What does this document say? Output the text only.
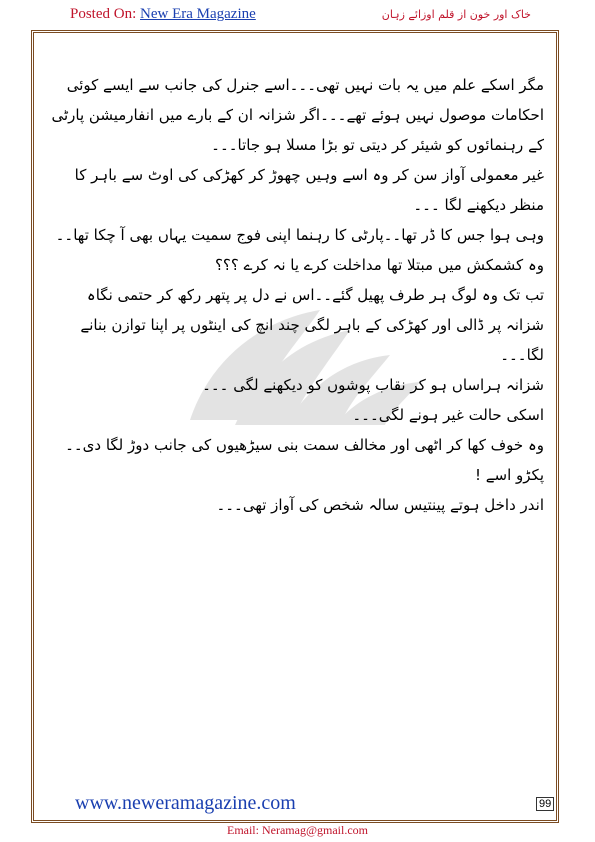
Posted On: New Era Magazine	خاک اور خون از قلم اوزائے زہان

مگر اسکے علم میں یہ بات نہیں تھی۔۔۔اسے جنرل کی جانب سے ایسے کوئی احکامات موصول نہیں ہوئے تھے۔۔۔اگر شزانہ ان کے بارے میں انفارمیشن پارٹی کے رہنمائوں کو شیئر کر دیتی تو بڑا مسلا ہو جاتا۔۔۔

غیر معمولی آواز سن کر وہ اسے وہیں چھوڑ کر کھڑکی کی اوٹ سے باہر کا منظر دیکھنے لگا ۔۔۔

وہی ہوا جس کا ڈر تھا۔۔پارٹی کا رہنما اپنی فوج سمیت یہاں بھی آ چکا تھا۔۔

وہ کشمکش میں مبتلا تھا مداخلت کرے یا نہ کرے ؟؟؟

تب تک وہ لوگ ہر طرف پھیل گئے۔۔اس نے دل پر پتھر رکھ کر حتمی نگاہ شزانہ پر ڈالی اور کھڑکی کے باہر لگی چند انچ کی اینٹوں پر اپنا توازن بنانے لگا۔۔۔

شزانہ ہراساں ہو کر نقاب پوشوں کو دیکھنے لگی ۔۔۔

اسکی حالت غیر ہونے لگی۔۔۔

وہ خوف کھا کر اٹھی اور مخالف سمت بنی سیڑھیوں کی جانب دوڑ لگا دی۔۔

پکڑو اسے !

اندر داخل ہوتے پینتیس سالہ شخص کی آواز تھی۔۔۔

www.neweramagazine.com	99
Email: Neramag@gmail.com
